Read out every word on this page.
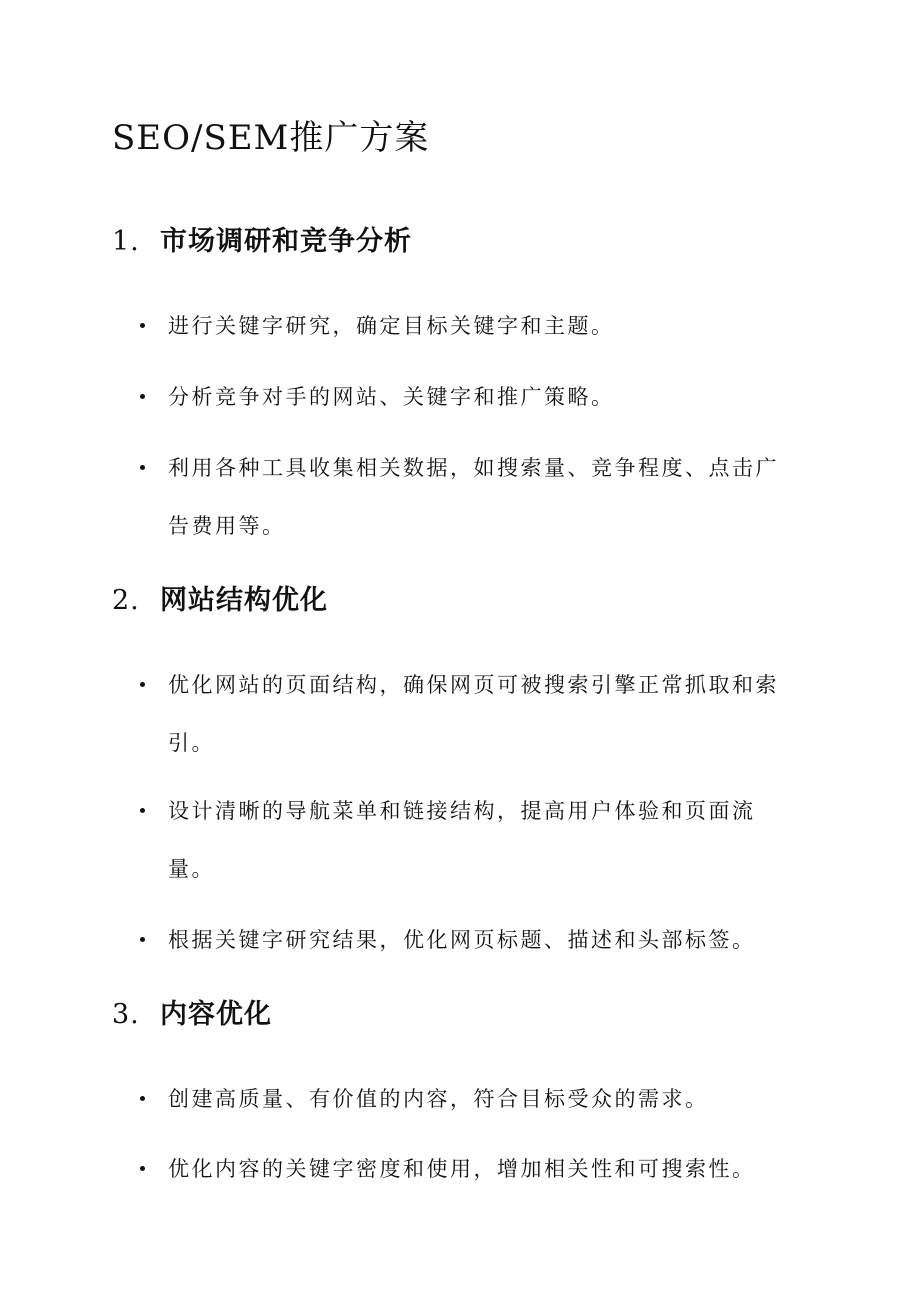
SEO/SEM推广方案
1. 市场调研和竞争分析
进行关键字研究，确定目标关键字和主题。
分析竞争对手的网站、关键字和推广策略。
利用各种工具收集相关数据，如搜索量、竞争程度、点击广告费用等。
2. 网站结构优化
优化网站的页面结构，确保网页可被搜索引擎正常抓取和索引。
设计清晰的导航菜单和链接结构，提高用户体验和页面流量。
根据关键字研究结果，优化网页标题、描述和头部标签。
3. 内容优化
创建高质量、有价值的内容，符合目标受众的需求。
优化内容的关键字密度和使用，增加相关性和可搜索性。
